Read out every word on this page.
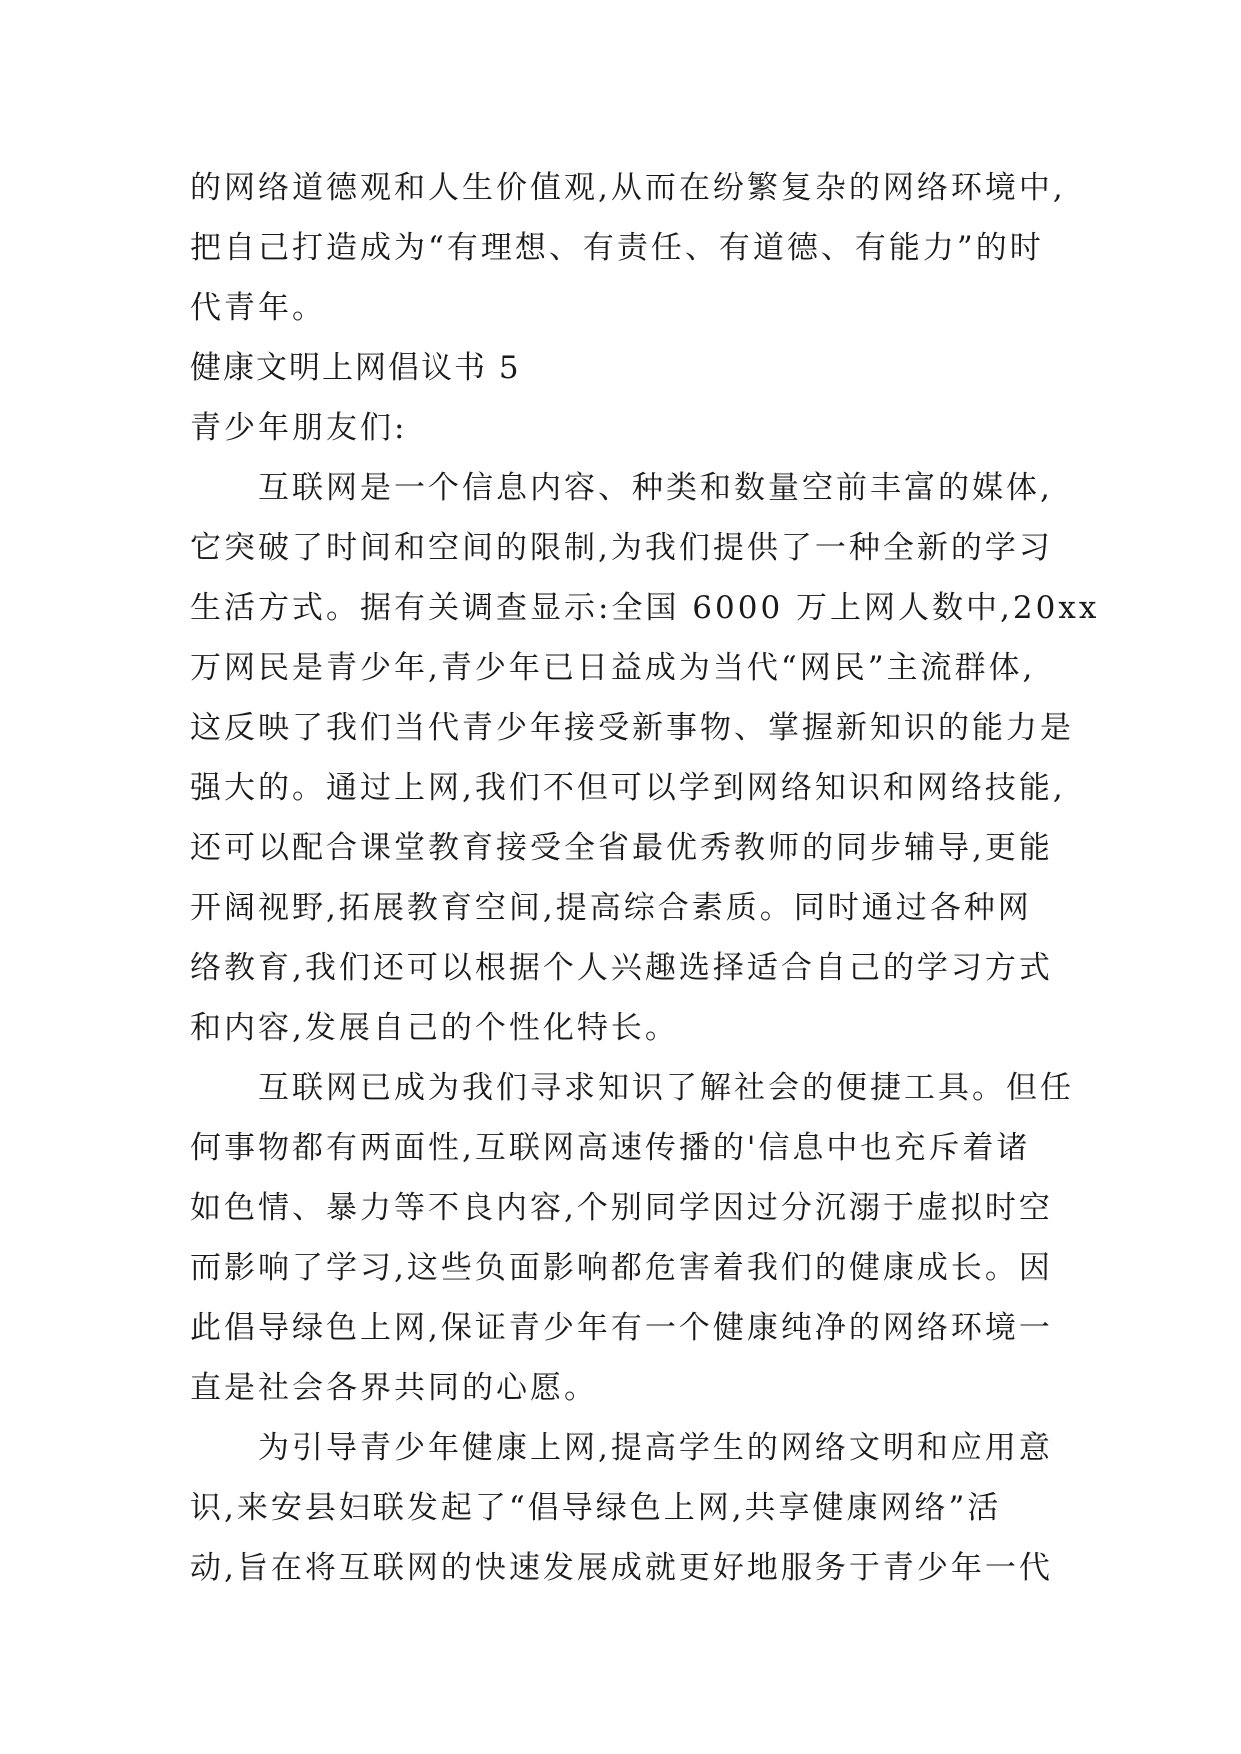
的网络道德观和人生价值观,从而在纷繁复杂的网络环境中,
把自己打造成为“有理想、有责任、有道德、有能力”的时
代青年。
健康文明上网倡议书 5
青少年朋友们:
互联网是一个信息内容、种类和数量空前丰富的媒体,
它突破了时间和空间的限制,为我们提供了一种全新的学习
生活方式。据有关调查显示:全国 6000 万上网人数中,20xx
万网民是青少年,青少年已日益成为当代“网民”主流群体,
这反映了我们当代青少年接受新事物、掌握新知识的能力是
强大的。通过上网,我们不但可以学到网络知识和网络技能,
还可以配合课堂教育接受全省最优秀教师的同步辅导,更能
开阔视野,拓展教育空间,提高综合素质。同时通过各种网
络教育,我们还可以根据个人兴趣选择适合自己的学习方式
和内容,发展自己的个性化特长。
互联网已成为我们寻求知识了解社会的便捷工具。但任
何事物都有两面性,互联网高速传播的'信息中也充斥着诸
如色情、暴力等不良内容,个别同学因过分沉溺于虚拟时空
而影响了学习,这些负面影响都危害着我们的健康成长。因
此倡导绿色上网,保证青少年有一个健康纯净的网络环境一
直是社会各界共同的心愿。
为引导青少年健康上网,提高学生的网络文明和应用意
识,来安县妇联发起了“倡导绿色上网,共享健康网络”活
动,旨在将互联网的快速发展成就更好地服务于青少年一代
